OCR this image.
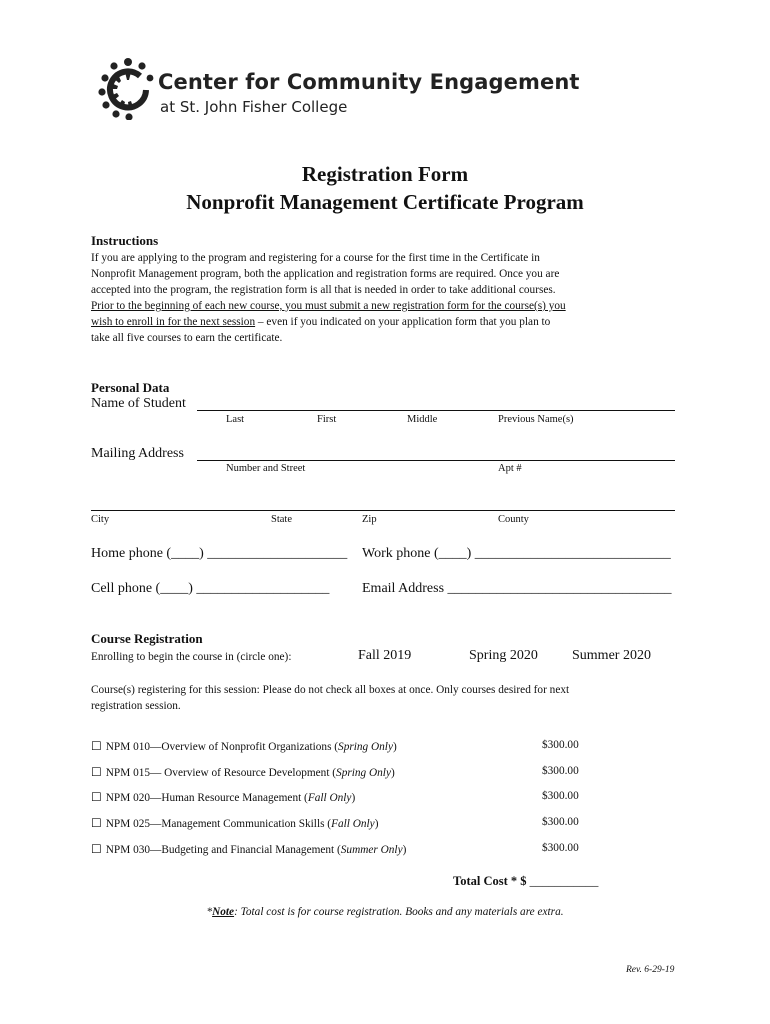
Center for Community Engagement
at St. John Fisher College
Registration Form
Nonprofit Management Certificate Program
Instructions
If you are applying to the program and registering for a course for the first time in the Certificate in
Nonprofit Management program, both the application and registration forms are required. Once you are
accepted into the program, the registration form is all that is needed in order to take additional courses.
Prior to the beginning of each new course, you must submit a new registration form for the course(s) you
wish to enroll in for the next session – even if you indicated on your application form that you plan to
take all five courses to earn the certificate.
Personal Data
Name of Student
Last	First	Middle	Previous Name(s)
Mailing Address
Number and Street	Apt #
City	State	Zip	County
Home phone (____) ____________________ Work phone (____) ____________________________
Cell phone (____) ___________________ Email Address ________________________________
Course Registration
Enrolling to begin the course in (circle one):	Fall 2019	Spring 2020 Summer 2020
Course(s) registering for this session: Please do not check all boxes at once. Only courses desired for next
registration session.
☐ NPM 010—Overview of Nonprofit Organizations (Spring Only)	$300.00
☐ NPM 015— Overview of Resource Development (Spring Only)	$300.00
☐ NPM 020—Human Resource Management (Fall Only)	$300.00
☐ NPM 025—Management Communication Skills (Fall Only)	$300.00
☐ NPM 030—Budgeting and Financial Management (Summer Only)	$300.00
Total Cost * $ ___________
*Note: Total cost is for course registration. Books and any materials are extra.
Rev. 6-29-19
